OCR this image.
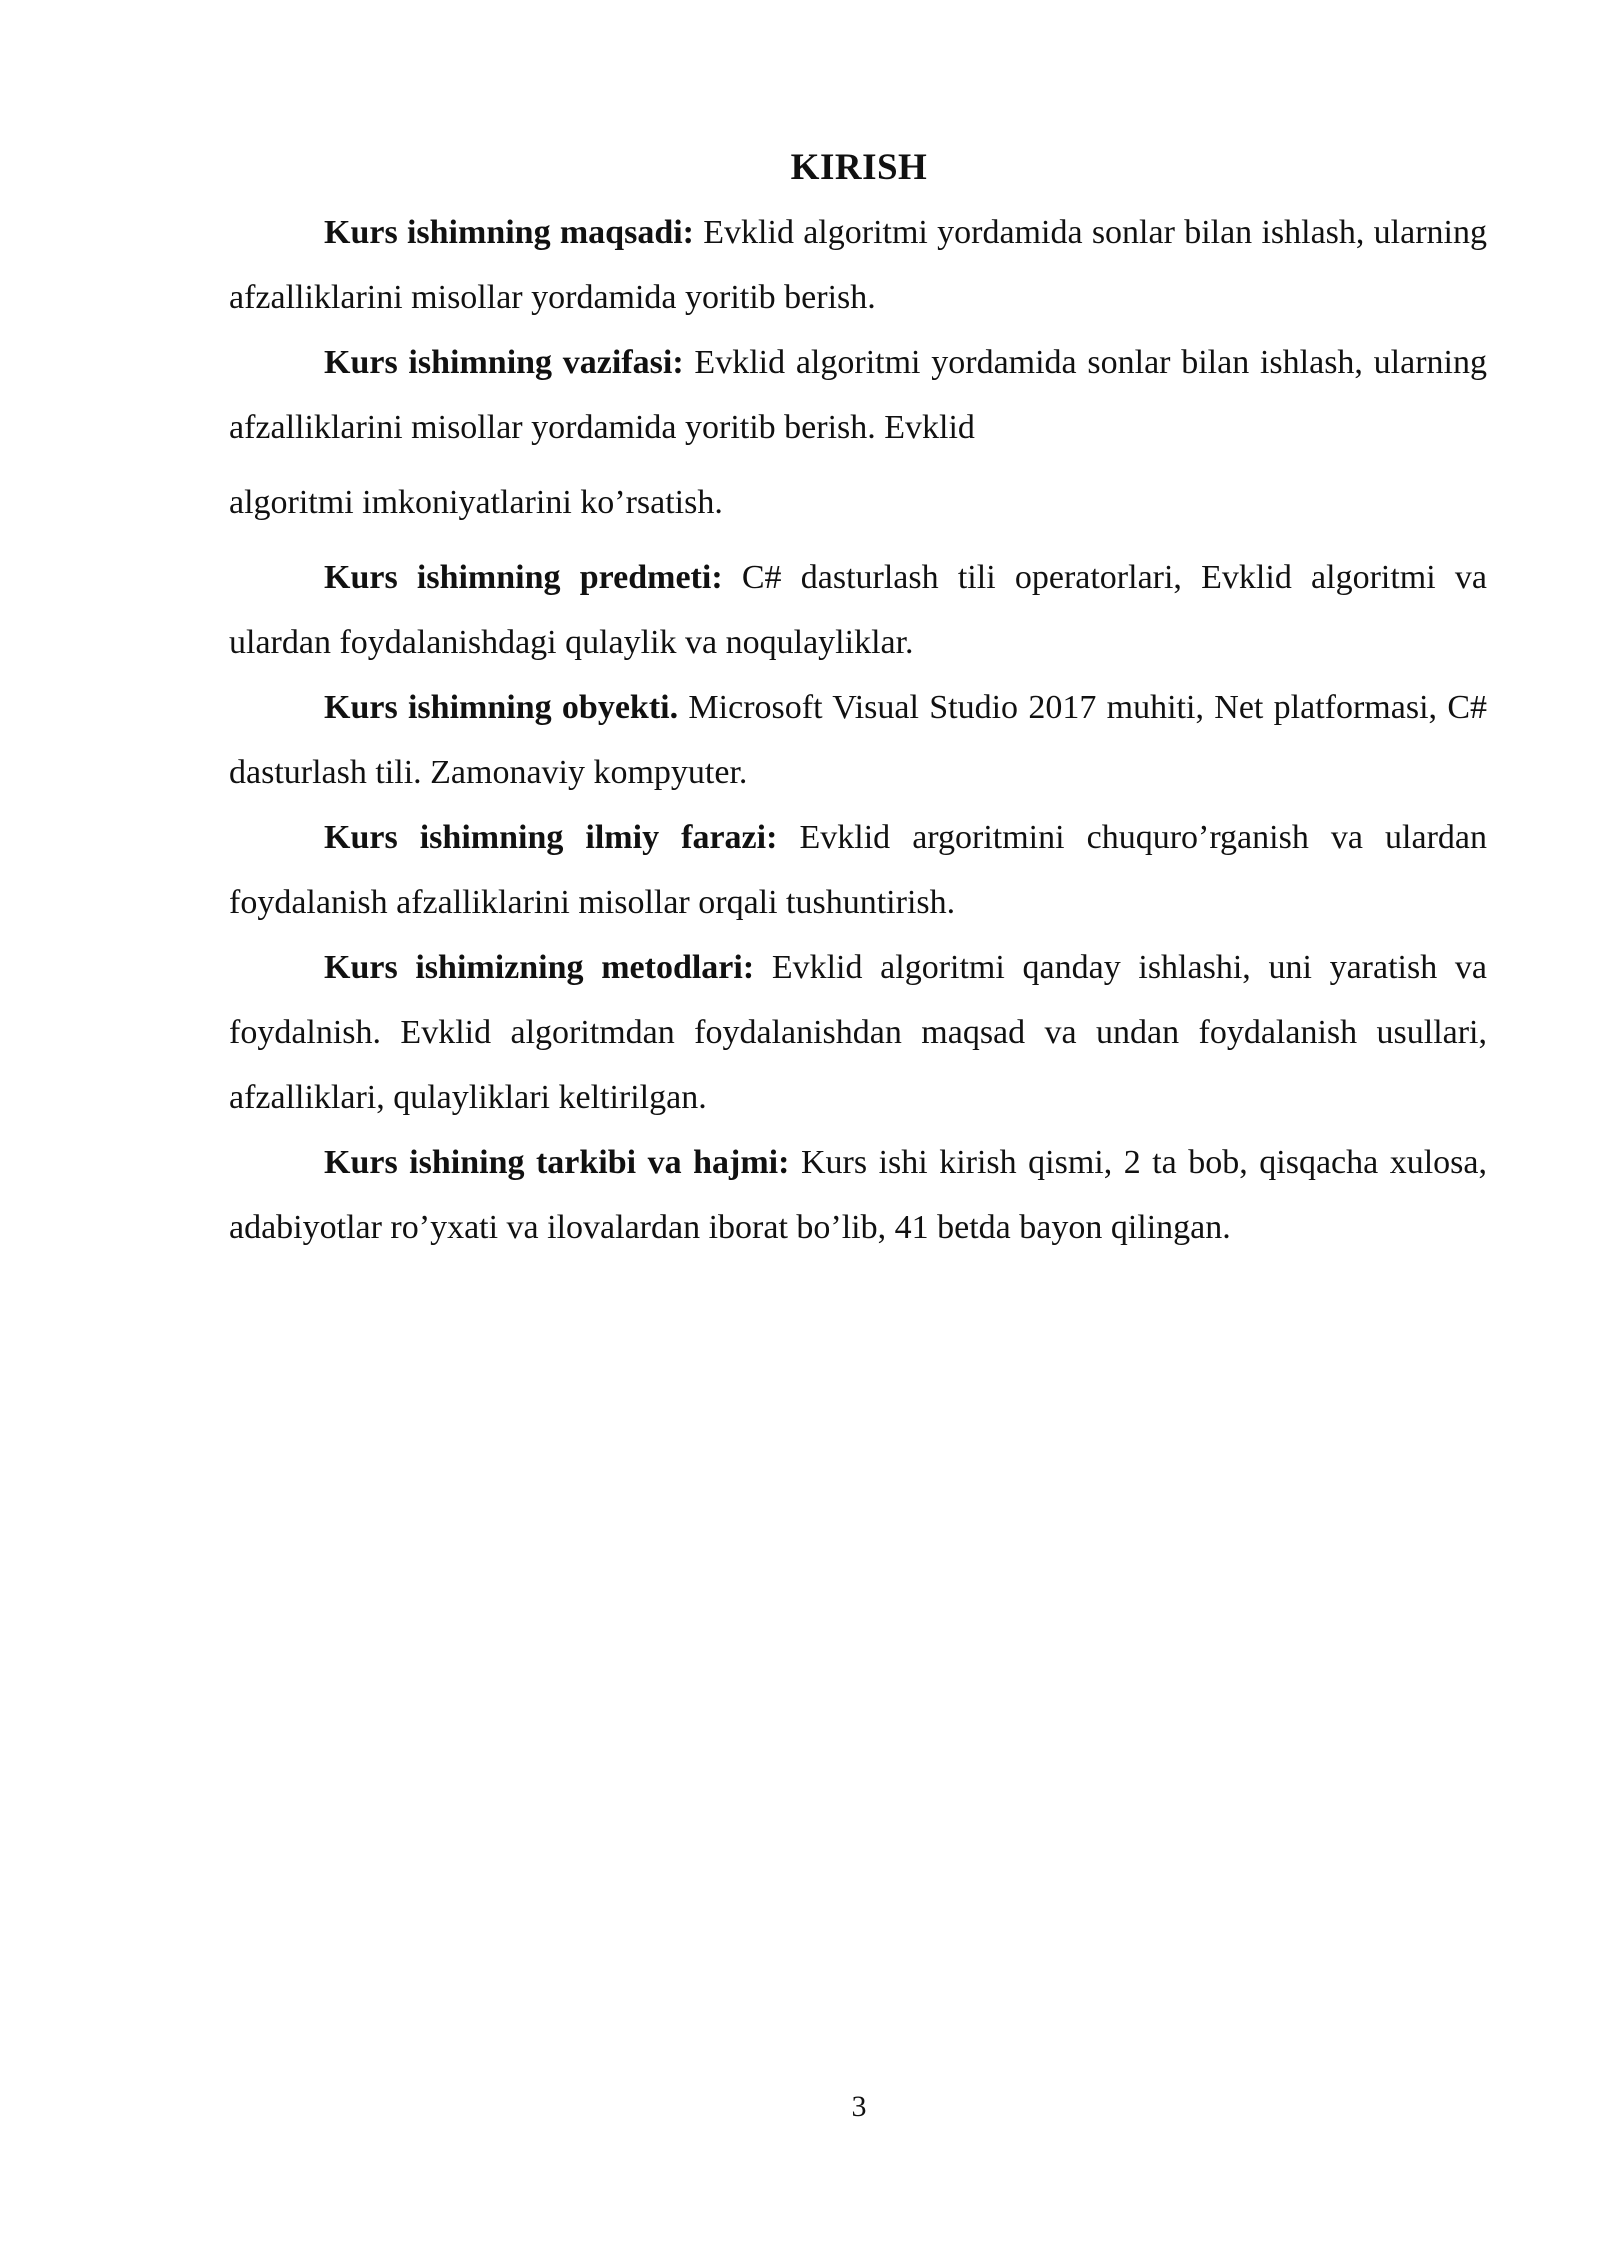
KIRISH

Kurs ishimning maqsadi: Evklid algoritmi yordamida sonlar bilan ishlash, ularning afzalliklarini misollar yordamida yoritib berish.

Kurs ishimning vazifasi: Evklid algoritmi yordamida sonlar bilan ishlash, ularning afzalliklarini misollar yordamida yoritib berish. Evklid
algoritmi imkoniyatlarini ko’rsatish.

Kurs ishimning predmeti: C# dasturlash tili operatorlari, Evklid algoritmi va ulardan foydalanishdagi qulaylik va noqulayliklar.

Kurs ishimning obyekti. Microsoft Visual Studio 2017 muhiti, Net platformasi, C# dasturlash tili. Zamonaviy kompyuter.

Kurs ishimning ilmiy farazi: Evklid argoritmini chuquro’rganish va ulardan foydalanish afzalliklarini misollar orqali tushuntirish.

Kurs ishimizning metodlari: Evklid algoritmi qanday ishlashi, uni yaratish va foydalnish. Evklid algoritmdan foydalanishdan maqsad va undan foydalanish usullari, afzalliklari, qulayliklari keltirilgan.

Kurs ishining tarkibi va hajmi: Kurs ishi kirish qismi, 2 ta bob, qisqacha xulosa, adabiyotlar ro’yxati va ilovalardan iborat bo’lib, 41 betda bayon qilingan.

3
